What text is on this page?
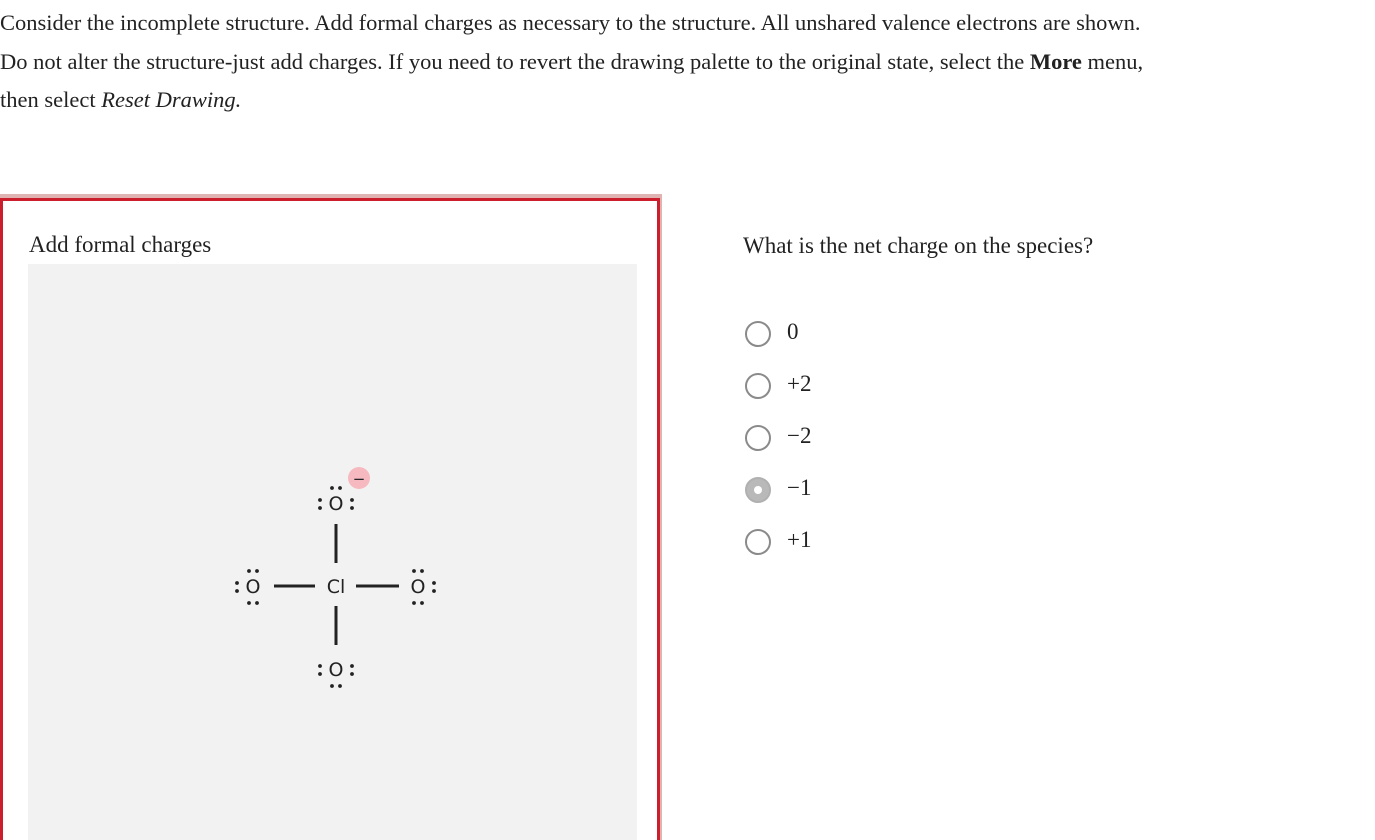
Consider the incomplete structure. Add formal charges as necessary to the structure. All unshared valence electrons are shown.

Do not alter the structure-just add charges. If you need to revert the drawing palette to the original state, select the More menu,

then select Reset Drawing.

Add formal charges
Cl
O
−
O	O
O

What is the net charge on the species?

0
+2
−2
−1
+1
